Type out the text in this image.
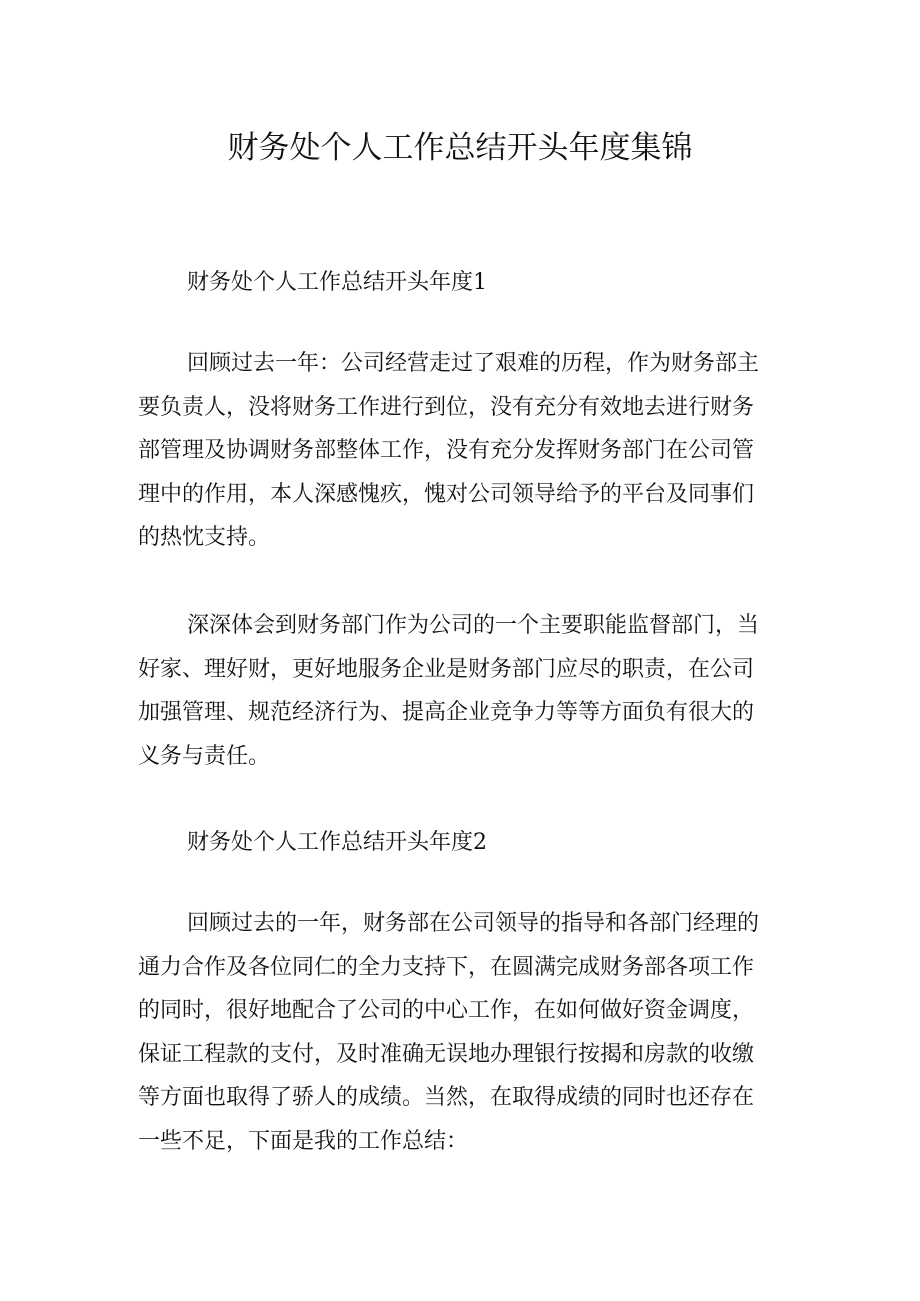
财务处个人工作总结开头年度集锦
财务处个人工作总结开头年度1
回顾过去一年：公司经营走过了艰难的历程，作为财务部主
要负责人，没将财务工作进行到位，没有充分有效地去进行财务
部管理及协调财务部整体工作，没有充分发挥财务部门在公司管
理中的作用，本人深感愧疚，愧对公司领导给予的平台及同事们
的热忱支持。
深深体会到财务部门作为公司的一个主要职能监督部门，当
好家、理好财，更好地服务企业是财务部门应尽的职责，在公司
加强管理、规范经济行为、提高企业竞争力等等方面负有很大的
义务与责任。
财务处个人工作总结开头年度2
回顾过去的一年，财务部在公司领导的指导和各部门经理的
通力合作及各位同仁的全力支持下，在圆满完成财务部各项工作
的同时，很好地配合了公司的中心工作，在如何做好资金调度，
保证工程款的支付，及时准确无误地办理银行按揭和房款的收缴
等方面也取得了骄人的成绩。当然，在取得成绩的同时也还存在
一些不足，下面是我的工作总结：
